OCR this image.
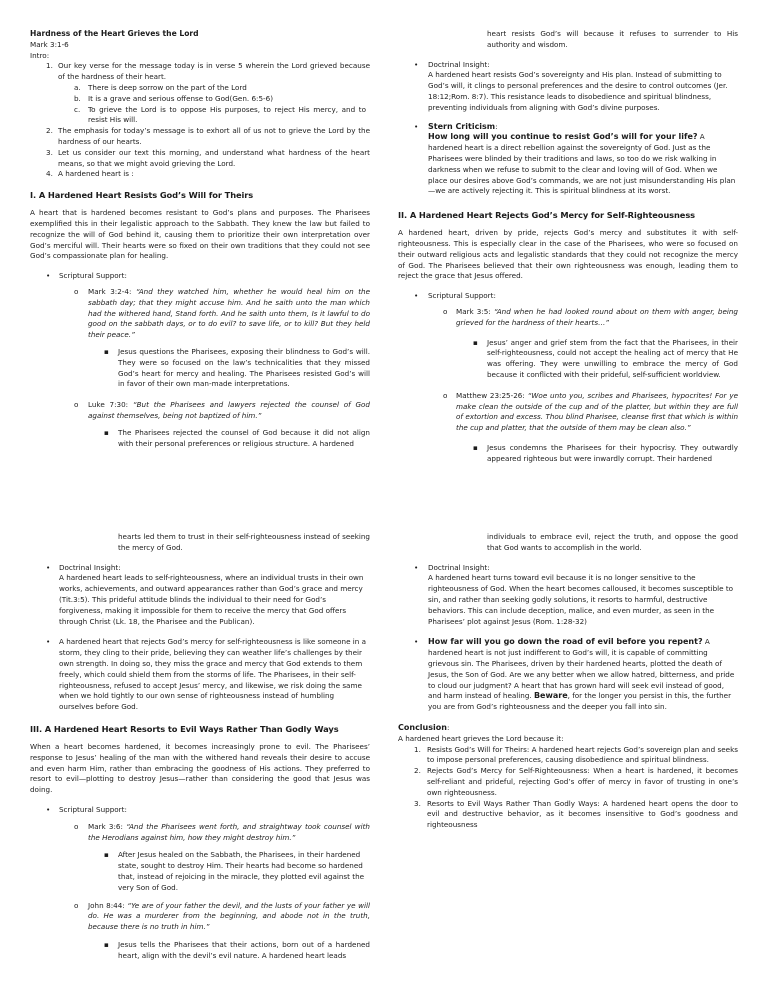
Hardness of the Heart Grieves the Lord

Mark 3:1-6

Intro:

1. Our key verse for the message today is in verse 5 wherein the Lord grieved because of the hardness of their heart.
a. There is deep sorrow on the part of the Lord
b. It is a grave and serious offense to God(Gen. 6:5-6)
c. To grieve the Lord is to oppose His purposes, to reject His mercy, and to resist His will.
2. The emphasis for today’s message is to exhort all of us not to grieve the Lord by the hardness of our hearts.
3. Let us consider our text this morning, and understand what hardness of the heart means, so that we might avoid grieving the Lord.
4. A hardened heart is :
I. A Hardened Heart Resists God’s Will for Theirs

A heart that is hardened becomes resistant to God’s plans and purposes. The Pharisees exemplified this in their legalistic approach to the Sabbath. They knew the law but failed to recognize the will of God behind it, causing them to prioritize their own interpretation over God’s merciful will. Their hearts were so fixed on their own traditions that they could not see God’s compassionate plan for healing.

• Scriptural Support:
o Mark 3:2-4: “And they watched him, whether he would heal him on the sabbath day; that they might accuse him. And he saith unto the man which had the withered hand, Stand forth. And he saith unto them, Is it lawful to do good on the sabbath days, or to do evil? to save life, or to kill? But they held their peace.”
▪ Jesus questions the Pharisees, exposing their blindness to God’s will. They were so focused on the law’s technicalities that they missed God’s heart for mercy and healing. The Pharisees resisted God’s will in favor of their own man-made interpretations.
o Luke 7:30: “But the Pharisees and lawyers rejected the counsel of God against themselves, being not baptized of him.”
▪ The Pharisees rejected the counsel of God because it did not align with their personal preferences or religious structure. A hardened

heart resists God’s will because it refuses to surrender to His authority and wisdom.

• Doctrinal Insight:

A hardened heart resists God’s sovereignty and His plan. Instead of submitting to God’s will, it clings to personal preferences and the desire to control outcomes (Jer. 18:12;Rom. 8:7). This resistance leads to disobedience and spiritual blindness, preventing individuals from aligning with God’s divine purposes.

• Stern Criticism:

How long will you continue to resist God’s will for your life? A hardened heart is a direct rebellion against the sovereignty of God. Just as the Pharisees were blinded by their traditions and laws, so too do we risk walking in darkness when we refuse to submit to the clear and loving will of God. When we place our desires above God’s commands, we are not just misunderstanding His plan—we are actively rejecting it. This is spiritual blindness at its worst.

II. A Hardened Heart Rejects God’s Mercy for Self-Righteousness

A hardened heart, driven by pride, rejects God’s mercy and substitutes it with self-righteousness. This is especially clear in the case of the Pharisees, who were so focused on their outward religious acts and legalistic standards that they could not recognize the mercy of God. The Pharisees believed that their own righteousness was enough, leading them to reject the grace that Jesus offered.

• Scriptural Support:
o Mark 3:5: “And when he had looked round about on them with anger, being grieved for the hardness of their hearts…”
▪ Jesus’ anger and grief stem from the fact that the Pharisees, in their self-righteousness, could not accept the healing act of mercy that He was offering. They were unwilling to embrace the mercy of God because it conflicted with their prideful, self-sufficient worldview.
o Matthew 23:25-26: “Woe unto you, scribes and Pharisees, hypocrites! For ye make clean the outside of the cup and of the platter, but within they are full of extortion and excess. Thou blind Pharisee, cleanse first that which is within the cup and platter, that the outside of them may be clean also.”
▪ Jesus condemns the Pharisees for their hypocrisy. They outwardly appeared righteous but were inwardly corrupt. Their hardened

hearts led them to trust in their self-righteousness instead of seeking the mercy of God.

• Doctrinal Insight:

A hardened heart leads to self-righteousness, where an individual trusts in their own works, achievements, and outward appearances rather than God’s grace and mercy (Tit.3:5). This prideful attitude blinds the individual to their need for God’s forgiveness, making it impossible for them to receive the mercy that God offers through Christ (Lk. 18, the Pharisee and the Publican).

• A hardened heart that rejects God’s mercy for self-righteousness is like someone in a storm, they cling to their pride, believing they can weather life’s challenges by their own strength. In doing so, they miss the grace and mercy that God extends to them freely, which could shield them from the storms of life. The Pharisees, in their self-righteousness, refused to accept Jesus’ mercy, and likewise, we risk doing the same when we hold tightly to our own sense of righteousness instead of humbling ourselves before God.
III. A Hardened Heart Resorts to Evil Ways Rather Than Godly Ways

When a heart becomes hardened, it becomes increasingly prone to evil. The Pharisees’ response to Jesus’ healing of the man with the withered hand reveals their desire to accuse and even harm Him, rather than embracing the goodness of His actions. They preferred to resort to evil—plotting to destroy Jesus—rather than considering the good that Jesus was doing.

• Scriptural Support:
o Mark 3:6: “And the Pharisees went forth, and straightway took counsel with the Herodians against him, how they might destroy him.”
▪ After Jesus healed on the Sabbath, the Pharisees, in their hardened state, sought to destroy Him. Their hearts had become so hardened that, instead of rejoicing in the miracle, they plotted evil against the very Son of God.
o John 8:44: “Ye are of your father the devil, and the lusts of your father ye will do. He was a murderer from the beginning, and abode not in the truth, because there is no truth in him.”
▪ Jesus tells the Pharisees that their actions, born out of a hardened heart, align with the devil’s evil nature. A hardened heart leads

individuals to embrace evil, reject the truth, and oppose the good that God wants to accomplish in the world.

• Doctrinal Insight:

A hardened heart turns toward evil because it is no longer sensitive to the righteousness of God. When the heart becomes calloused, it becomes susceptible to sin, and rather than seeking godly solutions, it resorts to harmful, destructive behaviors. This can include deception, malice, and even murder, as seen in the Pharisees’ plot against Jesus (Rom. 1:28-32)

• How far will you go down the road of evil before you repent? A hardened heart is not just indifferent to God’s will, it is capable of committing grievous sin. The Pharisees, driven by their hardened hearts, plotted the death of Jesus, the Son of God. Are we any better when we allow hatred, bitterness, and pride to cloud our judgment? A heart that has grown hard will seek evil instead of good, and harm instead of healing. Beware, for the longer you persist in this, the further you are from God’s righteousness and the deeper you fall into sin.

Conclusion:

A hardened heart grieves the Lord because it:

1. Resists God’s Will for Theirs: A hardened heart rejects God’s sovereign plan and seeks to impose personal preferences, causing disobedience and spiritual blindness.
2. Rejects God’s Mercy for Self-Righteousness: When a heart is hardened, it becomes self-reliant and prideful, rejecting God’s offer of mercy in favor of trusting in one’s own righteousness.
3. Resorts to Evil Ways Rather Than Godly Ways: A hardened heart opens the door to evil and destructive behavior, as it becomes insensitive to God’s goodness and righteousness
